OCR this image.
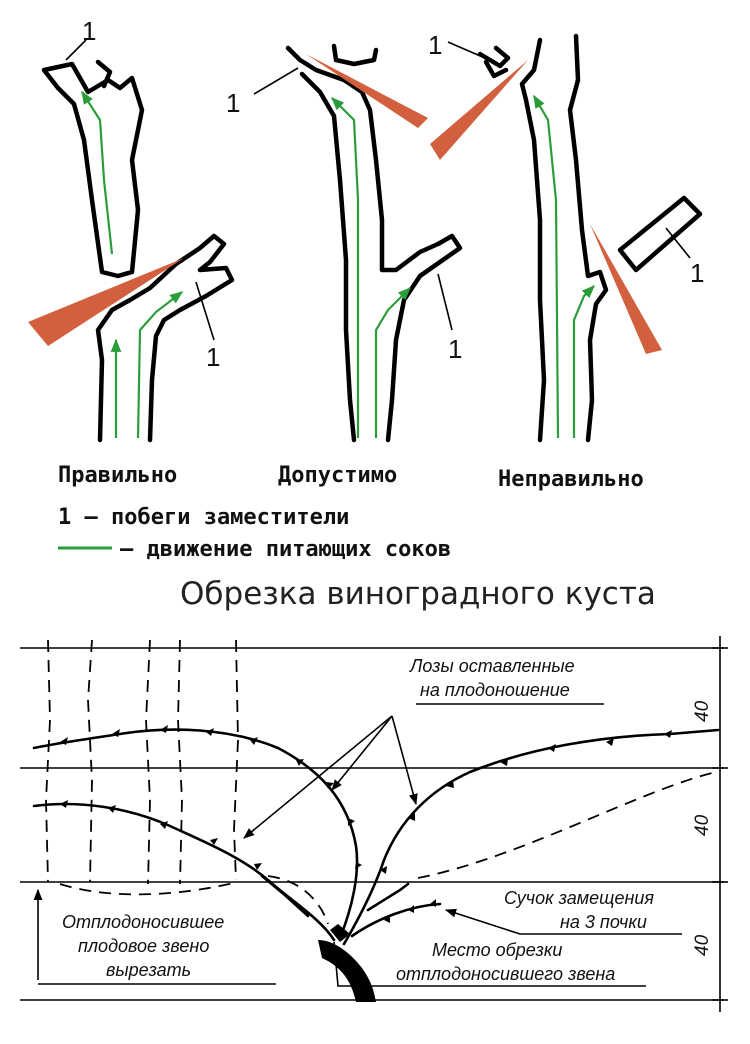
1
1
Правильно
1
1
Допустимо
1
1
Неправильно
1 – побеги заместители
– движение питающих соков
Обрезка виноградного куста
40
40
40
Лозы оставленные
на плодоношение
Сучок замещения
на 3 почки
Место обрезки
отплодоносившего звена
Отплодоносившее
плодовое звено
вырезать
